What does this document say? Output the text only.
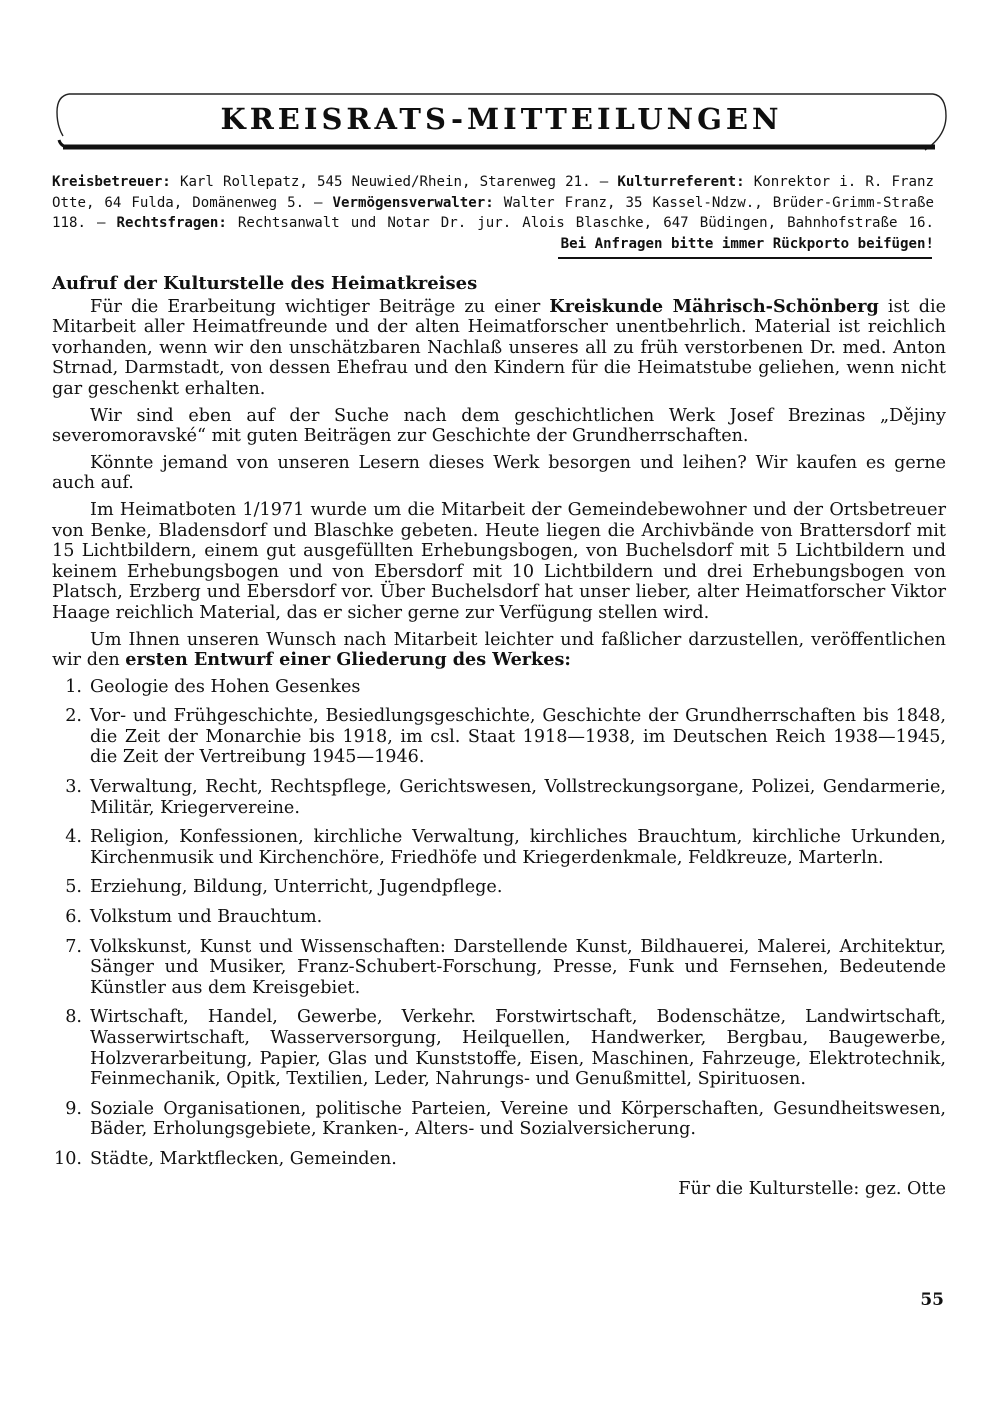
KREISRATS-MITTEILUNGEN
Kreisbetreuer: Karl Rollepatz, 545 Neuwied/Rhein, Starenweg 21. – Kulturreferent: Konrektor i. R. Franz
Otte, 64 Fulda, Domänenweg 5. – Vermögensverwalter: Walter Franz, 35 Kassel-Ndzw., Brüder-Grimm-Straße
118. – Rechtsfragen: Rechtsanwalt und Notar Dr. jur. Alois Blaschke, 647 Büdingen, Bahnhofstraße 16.
Bei Anfragen bitte immer Rückporto beifügen!
Aufruf der Kulturstelle des Heimatkreises

Für die Erarbeitung wichtiger Beiträge zu einer Kreiskunde Mährisch-Schönberg ist die Mitarbeit aller Heimatfreunde und der alten Heimatforscher unentbehrlich. Material ist reichlich vorhanden, wenn wir den unschätzbaren Nachlaß unseres all zu früh verstorbenen Dr. med. Anton Strnad, Darmstadt, von dessen Ehefrau und den Kindern für die Heimatstube geliehen, wenn nicht gar geschenkt erhalten.

Wir sind eben auf der Suche nach dem geschichtlichen Werk Josef Brezinas „Dějiny severomoravské“ mit guten Beiträgen zur Geschichte der Grundherrschaften.

Könnte jemand von unseren Lesern dieses Werk besorgen und leihen? Wir kaufen es gerne auch auf.

Im Heimatboten 1/1971 wurde um die Mitarbeit der Gemeindebewohner und der Ortsbetreuer von Benke, Bladensdorf und Blaschke gebeten. Heute liegen die Archivbände von Brattersdorf mit 15 Lichtbildern, einem gut ausgefüllten Erhebungsbogen, von Buchelsdorf mit 5 Lichtbildern und keinem Erhebungsbogen und von Ebersdorf mit 10 Lichtbildern und drei Erhebungsbogen von Platsch, Erzberg und Ebersdorf vor. Über Buchelsdorf hat unser lieber, alter Heimatforscher Viktor Haage reichlich Material, das er sicher gerne zur Verfügung stellen wird.

Um Ihnen unseren Wunsch nach Mitarbeit leichter und faßlicher darzustellen, veröffentlichen wir den ersten Entwurf einer Gliederung des Werkes:

1. Geologie des Hohen Gesenkes
2. Vor- und Frühgeschichte, Besiedlungsgeschichte, Geschichte der Grundherrschaften bis 1848, die Zeit der Monarchie bis 1918, im csl. Staat 1918—1938, im Deutschen Reich 1938—1945, die Zeit der Vertreibung 1945—1946.
3. Verwaltung, Recht, Rechtspflege, Gerichtswesen, Vollstreckungsorgane, Polizei, Gendarmerie, Militär, Kriegervereine.
4. Religion, Konfessionen, kirchliche Verwaltung, kirchliches Brauchtum, kirchliche Urkunden, Kirchenmusik und Kirchenchöre, Friedhöfe und Kriegerdenkmale, Feldkreuze, Marterln.
5. Erziehung, Bildung, Unterricht, Jugendpflege.
6. Volkstum und Brauchtum.
7. Volkskunst, Kunst und Wissenschaften: Darstellende Kunst, Bildhauerei, Malerei, Architektur, Sänger und Musiker, Franz-Schubert-Forschung, Presse, Funk und Fernsehen, Bedeutende Künstler aus dem Kreisgebiet.
8. Wirtschaft, Handel, Gewerbe, Verkehr. Forstwirtschaft, Bodenschätze, Landwirtschaft, Wasserwirtschaft, Wasserversorgung, Heilquellen, Handwerker, Bergbau, Baugewerbe, Holzverarbeitung, Papier, Glas und Kunststoffe, Eisen, Maschinen, Fahrzeuge, Elektrotechnik, Feinmechanik, Opitk, Textilien, Leder, Nahrungs- und Genußmittel, Spirituosen.
9. Soziale Organisationen, politische Parteien, Vereine und Körperschaften, Gesundheitswesen, Bäder, Erholungsgebiete, Kranken-, Alters- und Sozialversicherung.
10. Städte, Marktflecken, Gemeinden.
Für die Kulturstelle: gez. Otte
55
